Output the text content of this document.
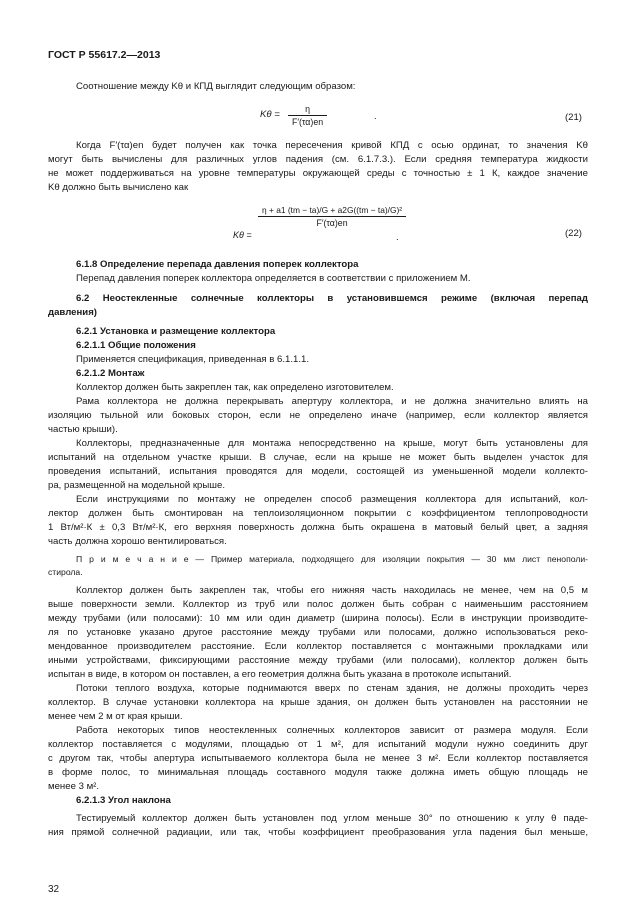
ГОСТ Р 55617.2—2013
Соотношение между Kθ и КПД выглядит следующим образом:
Kθ =	η
F′(τα)en	.	(21)
Когда F′(τα)en будет получен как точка пересечения кривой КПД с осью ординат, то значения Kθ
могут быть вычислены для различных углов падения (см. 6.1.7.3.). Если средняя температура жидкости
не может поддерживаться на уровне температуры окружающей среды с точностью ± 1 К, каждое значение
Kθ должно быть вычислено как
Kθ =
η + a1 (tm − ta)/G + a2G((tm − ta)/G)²
F′(τα)en
.	(22)
6.1.8 Определение перепада давления поперек коллектора
Перепад давления поперек коллектора определяется в соответствии с приложением М.
6.2 Неостекленные солнечные коллекторы в установившемся режиме (включая перепад
давления)
6.2.1 Установка и размещение коллектора
6.2.1.1 Общие положения
Применяется спецификация, приведенная в 6.1.1.1.
6.2.1.2 Монтаж
Коллектор должен быть закреплен так, как определено изготовителем.
Рама коллектора не должна перекрывать апертуру коллектора, и не должна значительно влиять на
изоляцию тыльной или боковых сторон, если не определено иначе (например, если коллектор является
частью крыши).
Коллекторы, предназначенные для монтажа непосредственно на крыше, могут быть установлены для
испытаний на отдельном участке крыши. В случае, если на крыше не может быть выделен участок для
проведения испытаний, испытания проводятся для модели, состоящей из уменьшенной модели коллекто-
ра, размещенной на модельной крыше.
Если инструкциями по монтажу не определен способ размещения коллектора для испытаний, кол-
лектор должен быть смонтирован на теплоизоляционном покрытии с коэффициентом теплопроводности
1 Вт/м²·К ± 0,3 Вт/м²·К, его верхняя поверхность должна быть окрашена в матовый белый цвет, а задняя
часть должна хорошо вентилироваться.
П р и м е ч а н и е — Пример материала, подходящего для изоляции покрытия — 30 мм лист пенополи-
стирола.
Коллектор должен быть закреплен так, чтобы его нижняя часть находилась не менее, чем на 0,5 м
выше поверхности земли. Коллектор из труб или полос должен быть собран с наименьшим расстоянием
между трубами (или полосами): 10 мм или один диаметр (ширина полосы). Если в инструкции производите-
ля по установке указано другое расстояние между трубами или полосами, должно использоваться реко-
мендованное производителем расстояние. Если коллектор поставляется с монтажными прокладками или
иными устройствами, фиксирующими расстояние между трубами (или полосами), коллектор должен быть
испытан в виде, в котором он поставлен, а его геометрия должна быть указана в протоколе испытаний.
Потоки теплого воздуха, которые поднимаются вверх по стенам здания, не должны проходить через
коллектор. В случае установки коллектора на крыше здания, он должен быть установлен на расстоянии не
менее чем 2 м от края крыши.
Работа некоторых типов неостекленных солнечных коллекторов зависит от размера модуля. Если
коллектор поставляется с модулями, площадью от 1 м², для испытаний модули нужно соединить друг
с другом так, чтобы апертура испытываемого коллектора была не менее 3 м². Если коллектор поставляется
в форме полос, то минимальная площадь составного модуля также должна иметь общую площадь не
менее 3 м².
6.2.1.3 Угол наклона
Тестируемый коллектор должен быть установлен под углом меньше 30° по отношению к углу θ паде-
ния прямой солнечной радиации, или так, чтобы коэффициент преобразования угла падения был меньше,
32
